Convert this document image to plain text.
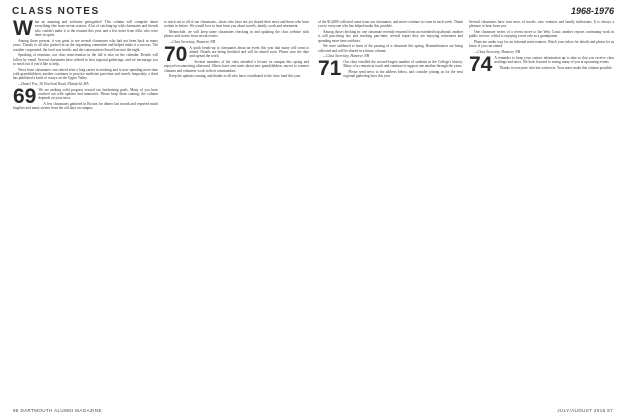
CLASS NOTES	1968-1976

What an amazing and welcome gettogether! This column will comprise about everything else from recent sources. A lot of catching-up with classmates and friends who couldn't make it to the reunion this year, and a few notes from folks who were there in spirit.

Among those present, it was great to see several classmates who had not been back in many years. Thanks to all who pitched in on the organizing committee and helped make it a success. The weather cooperated, the food was terrific and the conversation flowed late into the night.

Speaking of reunions, our class mini-reunion in the fall is also on the calendar. Details will follow by email. Several classmates have offered to host regional gatherings, and we encourage you to reach out if you'd like to help.

News from classmates: one retired after a long career in teaching and is now spending more time with grandchildren; another continues to practice medicine part-time and travels frequently; a third has published a book of essays on the Upper Valley.

—Daniel Fox, 36 Overlook Road, Plainfield, MA

69 We are making solid progress toward our fundraising goals. Many of you have reached out with updates and memories. Please keep them coming; the column depends on your news.

A few classmates gathered in Boston for dinner last month and reported much laughter and many stories from the old days on campus.

to reach out to all of our classmates—those who have not yet shared their news and those who have written in before. We would love to hear from you about travels, family, work and retirement.

Meanwhile, we will keep some classmates checking in and updating the class website with photos and stories from recent events.

—Class Secretary, Hanover, NH

70 A quick heads-up to classmates about an event this year that many will want to attend. Details are being finalized and will be shared soon. Please save the date and spread the word.

Several members of the class attended a lecture on campus this spring and enjoyed reconnecting afterward. Others have sent notes about new grandchildren, moves to warmer climates and volunteer work in their communities.

Keep the updates coming, and thanks to all who have contributed to the class fund this year.

of the $14,800 collected came from our classmates, and more continue to come in each week. Thank you to everyone who has helped make this possible.

Among those checking in: one classmate recently returned from an extended trip abroad; another is still practicing law and teaching part-time; several report they are enjoying retirement and spending more time outdoors.

We were saddened to learn of the passing of a classmate this spring. Remembrances are being collected and will be shared in a future column.

—Class Secretary, Hanover, NH

71 Our class enrolled the second-largest number of students in the College's history. Many of us remain in touch and continue to support one another through the years.

Please send news to the address below, and consider joining us for the next regional gathering later this year.

Several classmates have sent news of travels, new ventures and family milestones. It is always a pleasure to hear from you.

One classmate writes of a recent move to the West Coast; another reports continuing work in public service; a third is enjoying a new role as a grandparent.

Plans are under way for an informal mini-reunion. Watch your inbox for details and please let us know if you can attend.

—Class Secretary, Hanover, NH

74 A reminder to keep your contact information up to date so that you receive class mailings and news. We look forward to seeing many of you at upcoming events.

Thanks to everyone who has written in. Your notes make this column possible.

96 DARTMOUTH ALUMNI MAGAZINE	JULY/AUGUST 2016 97
